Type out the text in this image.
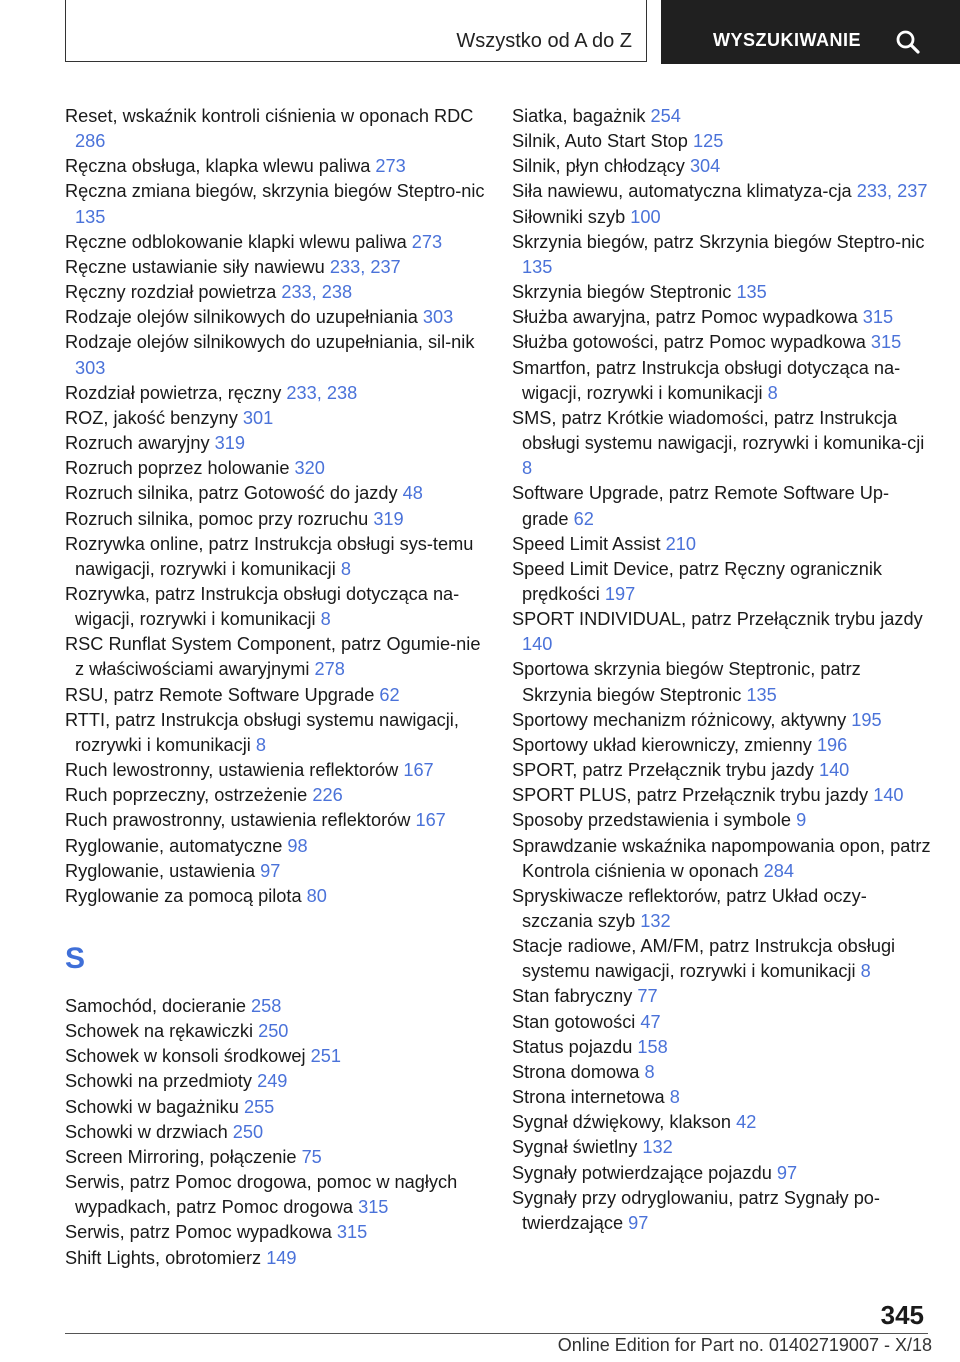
Wszystko od A do Z	WYSZUKIWANIE
Reset, wskaźnik kontroli ciśnienia w oponach RDC 286
Ręczna obsługa, klapka wlewu paliwa 273
Ręczna zmiana biegów, skrzynia biegów Steptro‐nic 135
Ręczne odblokowanie klapki wlewu paliwa 273
Ręczne ustawianie siły nawiewu 233, 237
Ręczny rozdział powietrza 233, 238
Rodzaje olejów silnikowych do uzupełniania 303
Rodzaje olejów silnikowych do uzupełniania, sil‐nik 303
Rozdział powietrza, ręczny 233, 238
ROZ, jakość benzyny 301
Rozruch awaryjny 319
Rozruch poprzez holowanie 320
Rozruch silnika, patrz Gotowość do jazdy 48
Rozruch silnika, pomoc przy rozruchu 319
Rozrywka online, patrz Instrukcja obsługi sys‐temu nawigacji, rozrywki i komunikacji 8
Rozrywka, patrz Instrukcja obsługi dotycząca na‐wigacji, rozrywki i komunikacji 8
RSC Runflat System Component, patrz Ogumie‐nie z właściwościami awaryjnymi 278
RSU, patrz Remote Software Upgrade 62
RTTI, patrz Instrukcja obsługi systemu nawigacji, rozrywki i komunikacji 8
Ruch lewostronny, ustawienia reflektorów 167
Ruch poprzeczny, ostrzeżenie 226
Ruch prawostronny, ustawienia reflektorów 167
Ryglowanie, automatyczne 98
Ryglowanie, ustawienia 97
Ryglowanie za pomocą pilota 80
S
Samochód, docieranie 258
Schowek na rękawiczki 250
Schowek w konsoli środkowej 251
Schowki na przedmioty 249
Schowki w bagażniku 255
Schowki w drzwiach 250
Screen Mirroring, połączenie 75
Serwis, patrz Pomoc drogowa, pomoc w nagłych wypadkach, patrz Pomoc drogowa 315
Serwis, patrz Pomoc wypadkowa 315
Shift Lights, obrotomierz 149
Siatka, bagażnik 254
Silnik, Auto Start Stop 125
Silnik, płyn chłodzący 304
Siła nawiewu, automatyczna klimatyza‐cja 233, 237
Siłowniki szyb 100
Skrzynia biegów, patrz Skrzynia biegów Steptro‐nic 135
Skrzynia biegów Steptronic 135
Służba awaryjna, patrz Pomoc wypadkowa 315
Służba gotowości, patrz Pomoc wypadkowa 315
Smartfon, patrz Instrukcja obsługi dotycząca na‐wigacji, rozrywki i komunikacji 8
SMS, patrz Krótkie wiadomości, patrz Instrukcja obsługi systemu nawigacji, rozrywki i komunika‐cji 8
Software Upgrade, patrz Remote Software Up‐grade 62
Speed Limit Assist 210
Speed Limit Device, patrz Ręczny ogranicznik prędkości 197
SPORT INDIVIDUAL, patrz Przełącznik trybu jazdy 140
Sportowa skrzynia biegów Steptronic, patrz Skrzynia biegów Steptronic 135
Sportowy mechanizm różnicowy, aktywny 195
Sportowy układ kierowniczy, zmienny 196
SPORT, patrz Przełącznik trybu jazdy 140
SPORT PLUS, patrz Przełącznik trybu jazdy 140
Sposoby przedstawienia i symbole 9
Sprawdzanie wskaźnika napompowania opon, patrz Kontrola ciśnienia w oponach 284
Spryskiwacze reflektorów, patrz Układ oczy‐szczania szyb 132
Stacje radiowe, AM/FM, patrz Instrukcja obsługi systemu nawigacji, rozrywki i komunikacji 8
Stan fabryczny 77
Stan gotowości 47
Status pojazdu 158
Strona domowa 8
Strona internetowa 8
Sygnał dźwiękowy, klakson 42
Sygnał świetlny 132
Sygnały potwierdzające pojazdu 97
Sygnały przy odryglowaniu, patrz Sygnały po‐twierdzające 97
345
Online Edition for Part no. 01402719007 - X/18
